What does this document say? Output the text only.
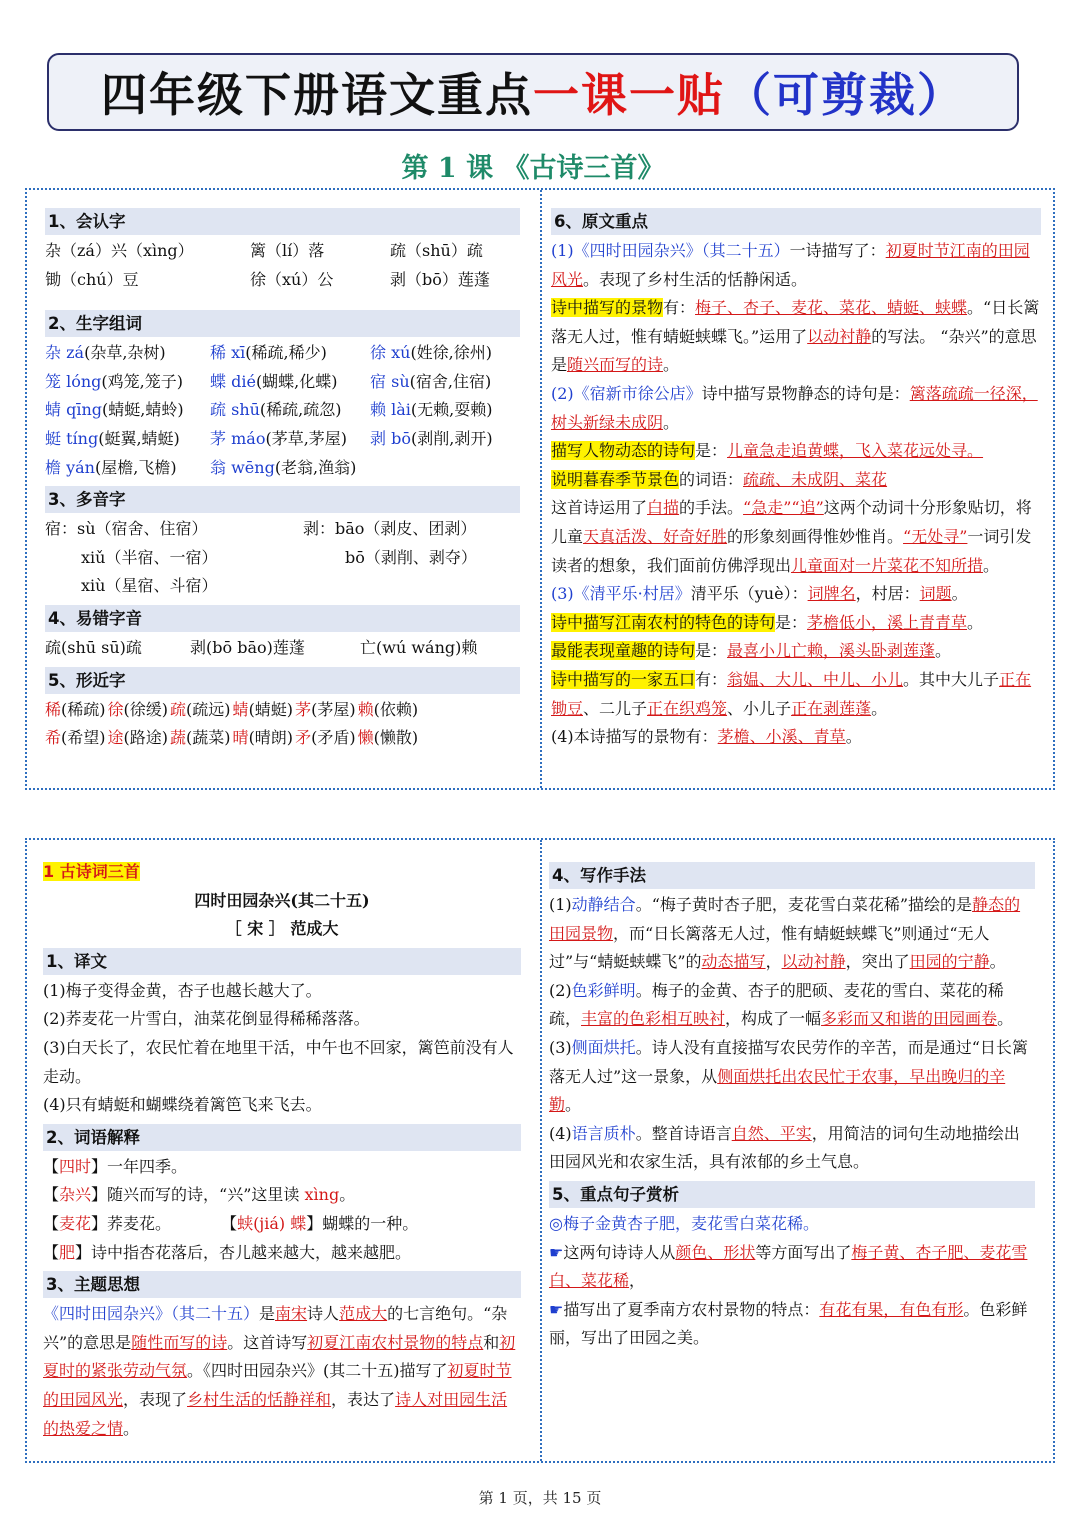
四年级下册语文重点 一课一贴 （可剪裁）
第 1 课 《古诗三首》
1、会认字
杂（zá）兴（xìng）	篱（lí）落	疏（shū）疏
锄（chú）豆	徐（xú）公	剥（bō）莲蓬
2、生字组词
杂 zá(杂草,杂树)	稀 xī(稀疏,稀少)	徐 xú(姓徐,徐州)
笼 lóng(鸡笼,笼子)	蝶 dié(蝴蝶,化蝶)	宿 sù(宿舍,住宿)
蜻 qīng(蜻蜓,蜻蛉)	疏 shū(稀疏,疏忽)	赖 lài(无赖,耍赖)
蜓 tíng(蜓翼,蜻蜓)	茅 máo(茅草,茅屋)	剥 bō(剥削,剥开)
檐 yán(屋檐,飞檐)	翁 wēng(老翁,渔翁)
3、多音字
宿：sù（宿舍、住宿）	剥：bāo（剥皮、团剥）
xiǔ（半宿、一宿）	bō（剥削、剥夺）
xiù（星宿、斗宿）
4、易错字音
疏(shū sū)疏	剥(bō bāo)莲蓬	亡(wú wáng)赖
5、形近字
稀(稀疏) 徐(徐缓) 疏(疏远) 蜻(蜻蜓) 茅(茅屋) 赖(依赖)
希(希望) 途(路途) 蔬(蔬菜) 晴(晴朗) 矛(矛盾) 懒(懒散)
6、原文重点

(1)《四时田园杂兴》（其二十五）一诗描写了：初夏时节江南的田园风光。表现了乡村生活的恬静闲适。

诗中描写的景物有：梅子、杏子、麦花、菜花、蜻蜓、蛱蝶。“日长篱落无人过，惟有蜻蜓蛱蝶飞。”运用了以动衬静的写法。 “杂兴”的意思是随兴而写的诗。

(2)《宿新市徐公店》诗中描写景物静态的诗句是：篱落疏疏一径深，树头新绿未成阴。

描写人物动态的诗句是：儿童急走追黄蝶，飞入菜花远处寻。

说明暮春季节景色的词语：疏疏、未成阴、菜花

这首诗运用了白描的手法。“急走”“追”这两个动词十分形象贴切，将儿童天真活泼、好奇好胜的形象刻画得惟妙惟肖。“无处寻”一词引发读者的想象，我们面前仿佛浮现出儿童面对一片菜花不知所措。

(3)《清平乐·村居》清平乐（yuè）：词牌名，村居：词题。

诗中描写江南农村的特色的诗句是：茅檐低小，溪上青青草。

最能表现童趣的诗句是：最喜小儿亡赖，溪头卧剥莲蓬。

诗中描写的一家五口有：翁媪、大儿、中儿、小儿。其中大儿子正在锄豆、二儿子正在织鸡笼、小儿子正在剥莲蓬。

(4)本诗描写的景物有：茅檐、小溪、青草。

1 古诗词三首
四时田园杂兴(其二十五)
［ 宋 ］ 范成大
1、译文

(1)梅子变得金黄，杏子也越长越大了。

(2)荞麦花一片雪白，油菜花倒显得稀稀落落。

(3)白天长了，农民忙着在地里干活，中午也不回家，篱笆前没有人走动。

(4)只有蜻蜓和蝴蝶绕着篱笆飞来飞去。

2、词语解释

【四时】一年四季。

【杂兴】随兴而写的诗，“兴”这里读 xìng。

【麦花】荞麦花。	【蛱(jiá) 蝶】蝴蝶的一种。

【肥】诗中指杏花落后，杏儿越来越大，越来越肥。

3、主题思想

《四时田园杂兴》（其二十五）是南宋诗人范成大的七言绝句。“杂兴”的意思是随性而写的诗。这首诗写初夏江南农村景物的特点和初夏时的紧张劳动气氛。《四时田园杂兴》(其二十五)描写了初夏时节的田园风光，表现了乡村生活的恬静祥和，表达了诗人对田园生活的热爱之情。

4、写作手法

(1)动静结合。“梅子黄时杏子肥，麦花雪白菜花稀”描绘的是静态的田园景物，而“日长篱落无人过，惟有蜻蜓蛱蝶飞”则通过“无人过”与“蜻蜓蛱蝶飞”的动态描写，以动衬静，突出了田园的宁静。

(2)色彩鲜明。梅子的金黄、杏子的肥硕、麦花的雪白、菜花的稀疏，丰富的色彩相互映衬，构成了一幅多彩而又和谐的田园画卷。

(3)侧面烘托。诗人没有直接描写农民劳作的辛苦，而是通过“日长篱落无人过”这一景象，从侧面烘托出农民忙于农事，早出晚归的辛勤。

(4)语言质朴。整首诗语言自然、平实，用简洁的词句生动地描绘出田园风光和农家生活，具有浓郁的乡土气息。

5、重点句子赏析

◎梅子金黄杏子肥，麦花雪白菜花稀。

☛这两句诗诗人从颜色、形状等方面写出了梅子黄、杏子肥、麦花雪白、菜花稀，

☛描写出了夏季南方农村景物的特点：有花有果，有色有形。色彩鲜丽，写出了田园之美。

第 1 页，共 15 页
